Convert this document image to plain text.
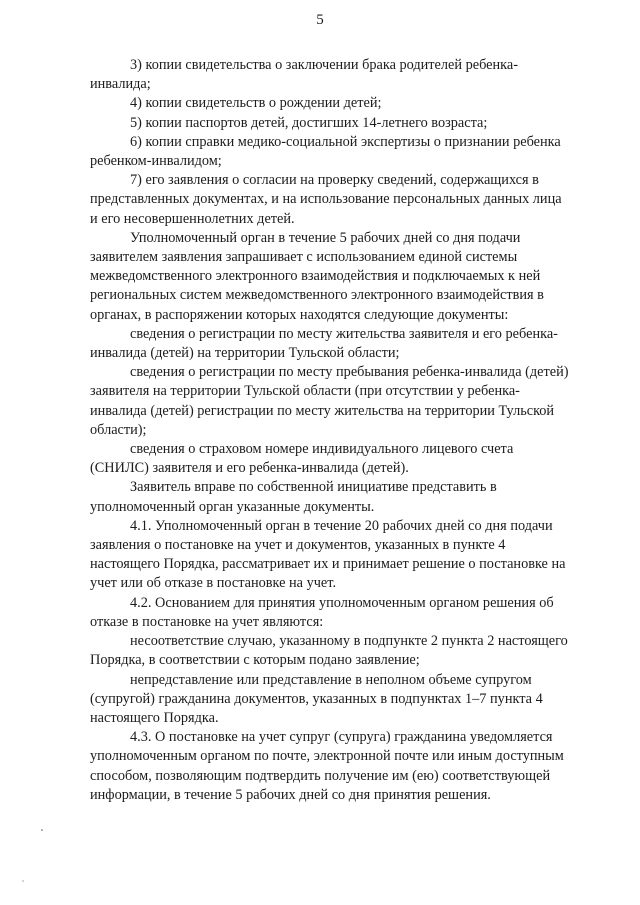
5

3) копии свидетельства о заключении брака родителей ребенка-
инвалида;

4) копии свидетельств о рождении детей;

5) копии паспортов детей, достигших 14-летнего возраста;

6) копии справки медико-социальной экспертизы о признании ребенка
ребенком-инвалидом;

7) его заявления о согласии на проверку сведений, содержащихся в
представленных документах, и на использование персональных данных лица
и его несовершеннолетних детей.

Уполномоченный орган в течение 5 рабочих дней со дня подачи
заявителем заявления запрашивает с использованием единой системы
межведомственного электронного взаимодействия и подключаемых к ней
региональных систем межведомственного электронного взаимодействия в
органах, в распоряжении которых находятся следующие документы:

сведения о регистрации по месту жительства заявителя и его ребенка-
инвалида (детей) на территории Тульской области;

сведения о регистрации по месту пребывания ребенка-инвалида (детей)
заявителя на территории Тульской области (при отсутствии у ребенка-
инвалида (детей) регистрации по месту жительства на территории Тульской
области);

сведения о страховом номере индивидуального лицевого счета
(СНИЛС) заявителя и его ребенка-инвалида (детей).

Заявитель вправе по собственной инициативе представить в
уполномоченный орган указанные документы.

4.1. Уполномоченный орган в течение 20 рабочих дней со дня подачи
заявления о постановке на учет и документов, указанных в пункте 4
настоящего Порядка, рассматривает их и принимает решение о постановке на
учет или об отказе в постановке на учет.

4.2. Основанием для принятия уполномоченным органом решения об
отказе в постановке на учет являются:

несоответствие случаю, указанному в подпункте 2 пункта 2 настоящего
Порядка, в соответствии с которым подано заявление;

непредставление или представление в неполном объеме супругом
(супругой) гражданина документов, указанных в подпунктах 1–7 пункта 4
настоящего Порядка.

4.3. О постановке на учет супруг (супруга) гражданина уведомляется
уполномоченным органом по почте, электронной почте или иным доступным
способом, позволяющим подтвердить получение им (ею) соответствующей
информации, в течение 5 рабочих дней со дня принятия решения.
